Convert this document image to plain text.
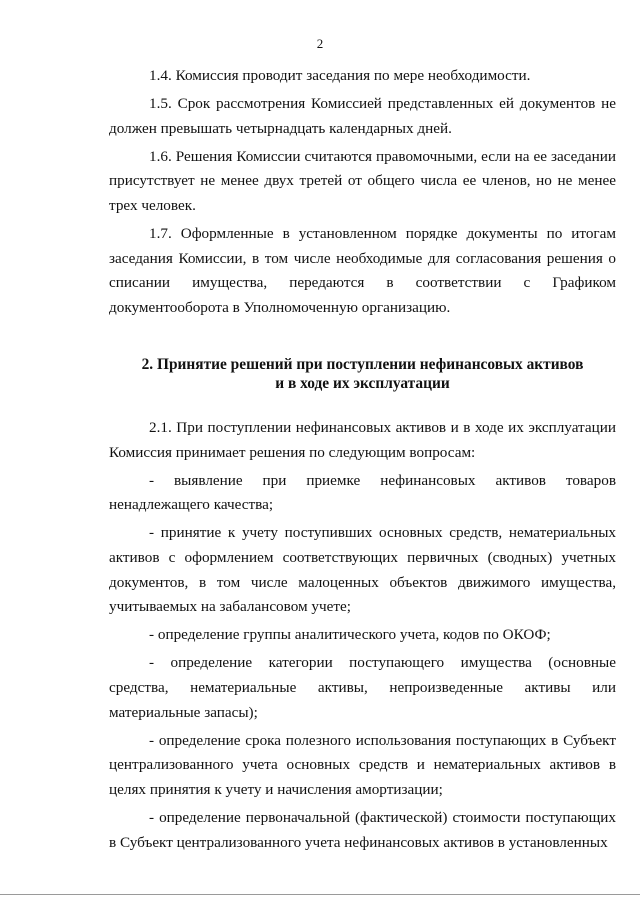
2

1.4. Комиссия проводит заседания по мере необходимости.

1.5. Срок рассмотрения Комиссией представленных ей документов не должен превышать четырнадцать календарных дней.

1.6. Решения Комиссии считаются правомочными, если на ее заседании присутствует не менее двух третей от общего числа ее членов, но не менее трех человек.

1.7. Оформленные в установленном порядке документы по итогам заседания Комиссии, в том числе необходимые для согласования решения о списании имущества, передаются в соответствии с Графиком документооборота в Уполномоченную организацию.

2. Принятие решений при поступлении нефинансовых активов
и в ходе их эксплуатации

2.1. При поступлении нефинансовых активов и в ходе их эксплуатации Комиссия принимает решения по следующим вопросам:

- выявление при приемке нефинансовых активов товаров ненадлежащего качества;

- принятие к учету поступивших основных средств, нематериальных активов с оформлением соответствующих первичных (сводных) учетных документов, в том числе малоценных объектов движимого имущества, учитываемых на забалансовом учете;

- определение группы аналитического учета, кодов по ОКОФ;

- определение категории поступающего имущества (основные средства, нематериальные активы, непроизведенные активы или материальные запасы);

- определение срока полезного использования поступающих в Субъект централизованного учета основных средств и нематериальных активов в целях принятия к учету и начисления амортизации;

- определение первоначальной (фактической) стоимости поступающих в Субъект централизованного учета нефинансовых активов в установленных
